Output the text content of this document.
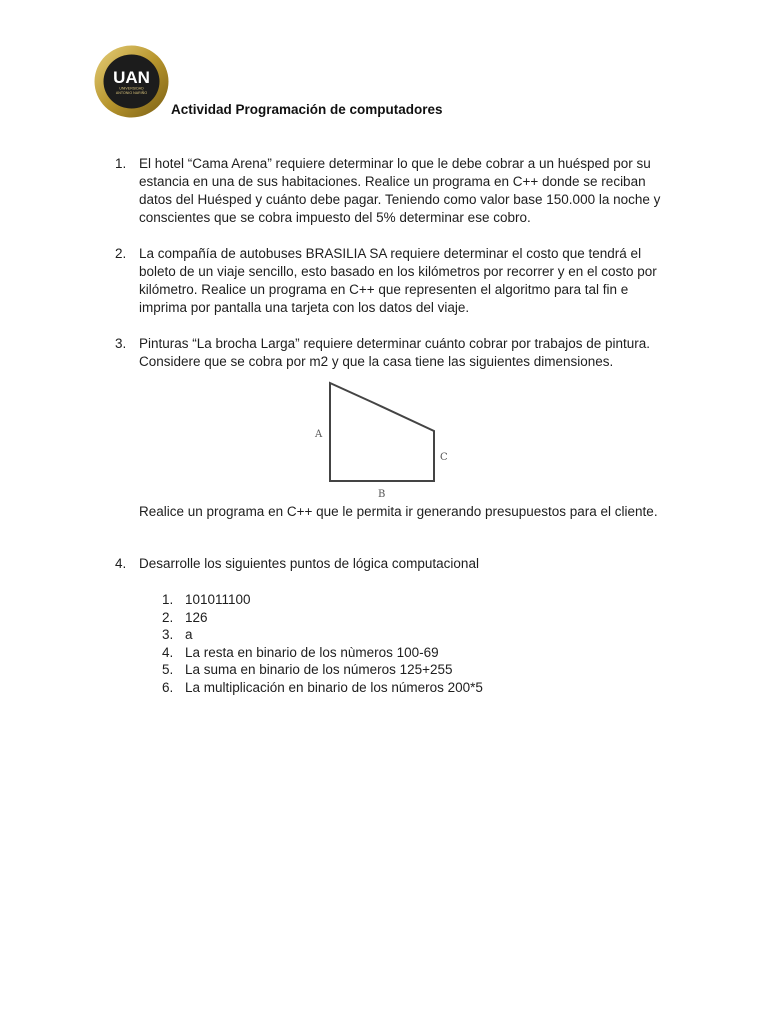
UAN
UNIVERSIDAD
ANTONIO NARIÑO
Actividad Programación de computadores
1. El hotel “Cama Arena” requiere determinar lo que le debe cobrar a un huésped por su estancia en una de sus habitaciones. Realice un programa en C++ donde se reciban datos del Huésped y cuánto debe pagar. Teniendo como valor base 150.000 la noche y conscientes que se cobra impuesto del 5% determinar ese cobro.

2. La compañía de autobuses BRASILIA SA requiere determinar el costo que tendrá el boleto de un viaje sencillo, esto basado en los kilómetros por recorrer y en el costo por kilómetro. Realice un programa en C++ que representen el algoritmo para tal fin e imprima por pantalla una tarjeta con los datos del viaje.

3. Pinturas “La brocha Larga” requiere determinar cuánto cobrar por trabajos de pintura. Considere que se cobra por m2 y que la casa tiene las siguientes dimensiones.

A
B
C

Realice un programa en C++ que le permita ir generando presupuestos para el cliente.

4. Desarrolle los siguientes puntos de lógica computacional

1. 101011100
2. 126
3. a
4. La resta en binario de los nùmeros 100-69
5. La suma en binario de los números 125+255
6. La multiplicación en binario de los números 200*5
